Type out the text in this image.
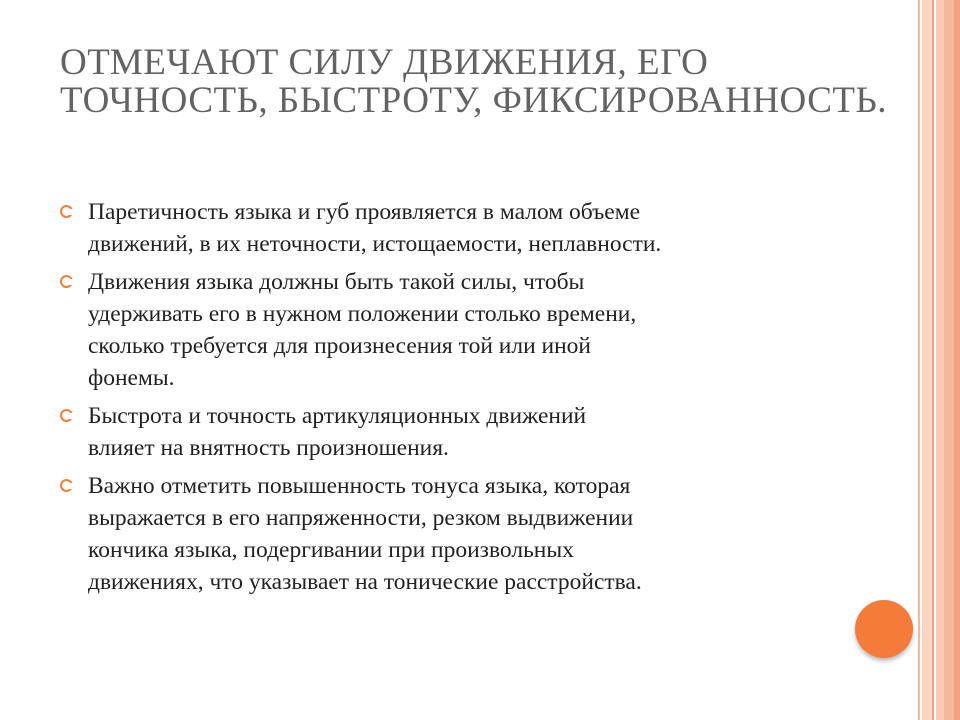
ОТМЕЧАЮТ СИЛУ ДВИЖЕНИЯ, ЕГО
ТОЧНОСТЬ, БЫСТРОТУ, ФИКСИРОВАННОСТЬ.
Паретичность языка и губ проявляется в малом объеме
движений, в их неточности, истощаемости, неплавности.
Движения языка должны быть такой силы, чтобы
удерживать его в нужном положении столько времени,
сколько требуется для произнесения той или иной
фонемы.
Быстрота и точность артикуляционных движений
влияет на внятность произношения.
Важно отметить повышенность тонуса языка, которая
выражается в его напряженности, резком выдвижении
кончика языка, подергивании при произвольных
движениях, что указывает на тонические расстройства.
